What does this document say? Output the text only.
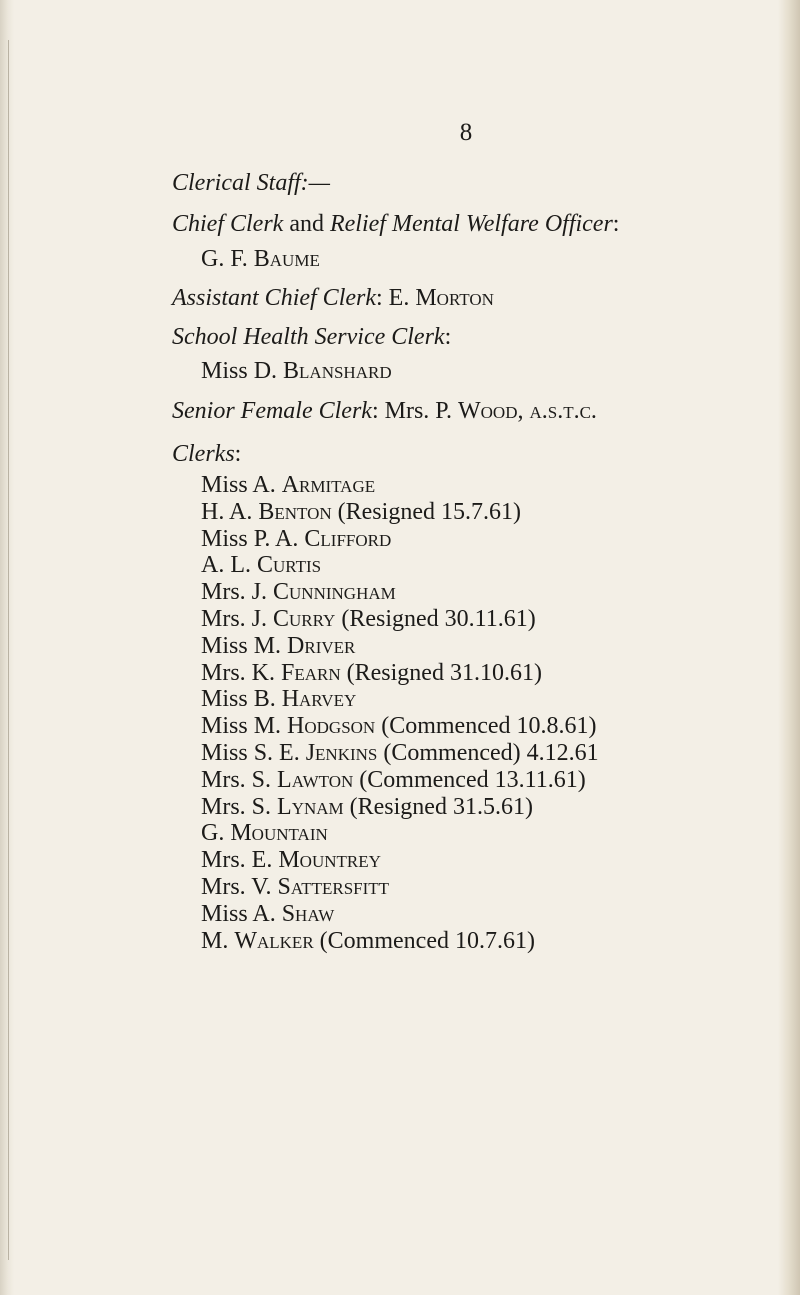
8
Clerical Staff:—
Chief Clerk and Relief Mental Welfare Officer:
G. F. Baume
Assistant Chief Clerk: E. Morton
School Health Service Clerk:
Miss D. Blanshard
Senior Female Clerk: Mrs. P. Wood, a.s.t.c.
Clerks:
Miss A. Armitage
H. A. Benton (Resigned 15.7.61)
Miss P. A. Clifford
A. L. Curtis
Mrs. J. Cunningham
Mrs. J. Curry (Resigned 30.11.61)
Miss M. Driver
Mrs. K. Fearn (Resigned 31.10.61)
Miss B. Harvey
Miss M. Hodgson (Commenced 10.8.61)
Miss S. E. Jenkins (Commenced) 4.12.61
Mrs. S. Lawton (Commenced 13.11.61)
Mrs. S. Lynam (Resigned 31.5.61)
G. Mountain
Mrs. E. Mountrey
Mrs. V. Sattersfitt
Miss A. Shaw
M. Walker (Commenced 10.7.61)
